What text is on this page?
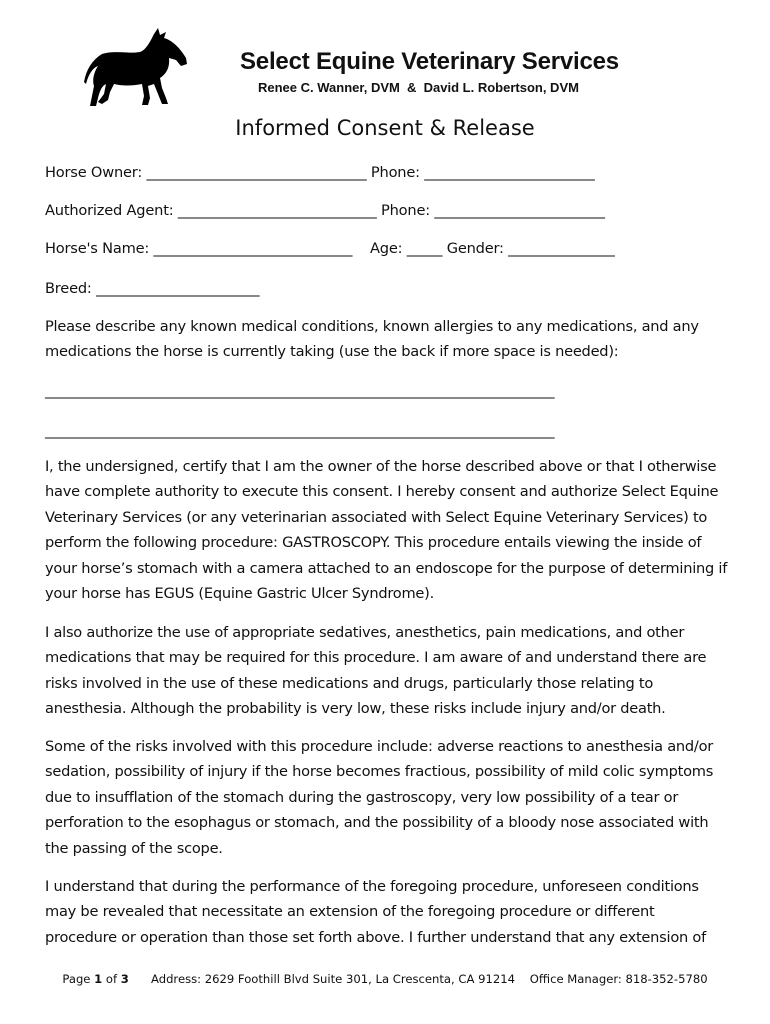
Select Equine Veterinary Services
Renee C. Wanner, DVM  &  David L. Robertson, DVM
Informed Consent & Release
Horse Owner: _______________________________ Phone: ________________________
Authorized Agent: ____________________________ Phone: ________________________
Horse's Name: ____________________________    Age: _____ Gender: _______________
Breed: _______________________

Please describe any known medical conditions, known allergies to any medications, and any medications the horse is currently taking (use the back if more space is needed):

____________________________________________________________________________
____________________________________________________________________________

I, the undersigned, certify that I am the owner of the horse described above or that I otherwise have complete authority to execute this consent. I hereby consent and authorize Select Equine Veterinary Services (or any veterinarian associated with Select Equine Veterinary Services) to perform the following procedure: GASTROSCOPY. This procedure entails viewing the inside of your horse’s stomach with a camera attached to an endoscope for the purpose of determining if your horse has EGUS (Equine Gastric Ulcer Syndrome).

I also authorize the use of appropriate sedatives, anesthetics, pain medications, and other medications that may be required for this procedure. I am aware of and understand there are risks involved in the use of these medications and drugs, particularly those relating to anesthesia. Although the probability is very low, these risks include injury and/or death.

Some of the risks involved with this procedure include: adverse reactions to anesthesia and/or sedation, possibility of injury if the horse becomes fractious, possibility of mild colic symptoms due to insufflation of the stomach during the gastroscopy, very low possibility of a tear or perforation to the esophagus or stomach, and the possibility of a bloody nose associated with the passing of the scope.

I understand that during the performance of the foregoing procedure, unforeseen conditions may be revealed that necessitate an extension of the foregoing procedure or different procedure or operation than those set forth above. I further understand that any extension of

Page 1 of 3 Address: 2629 Foothill Blvd Suite 301, La Crescenta, CA 91214 Office Manager: 818-352-5780
